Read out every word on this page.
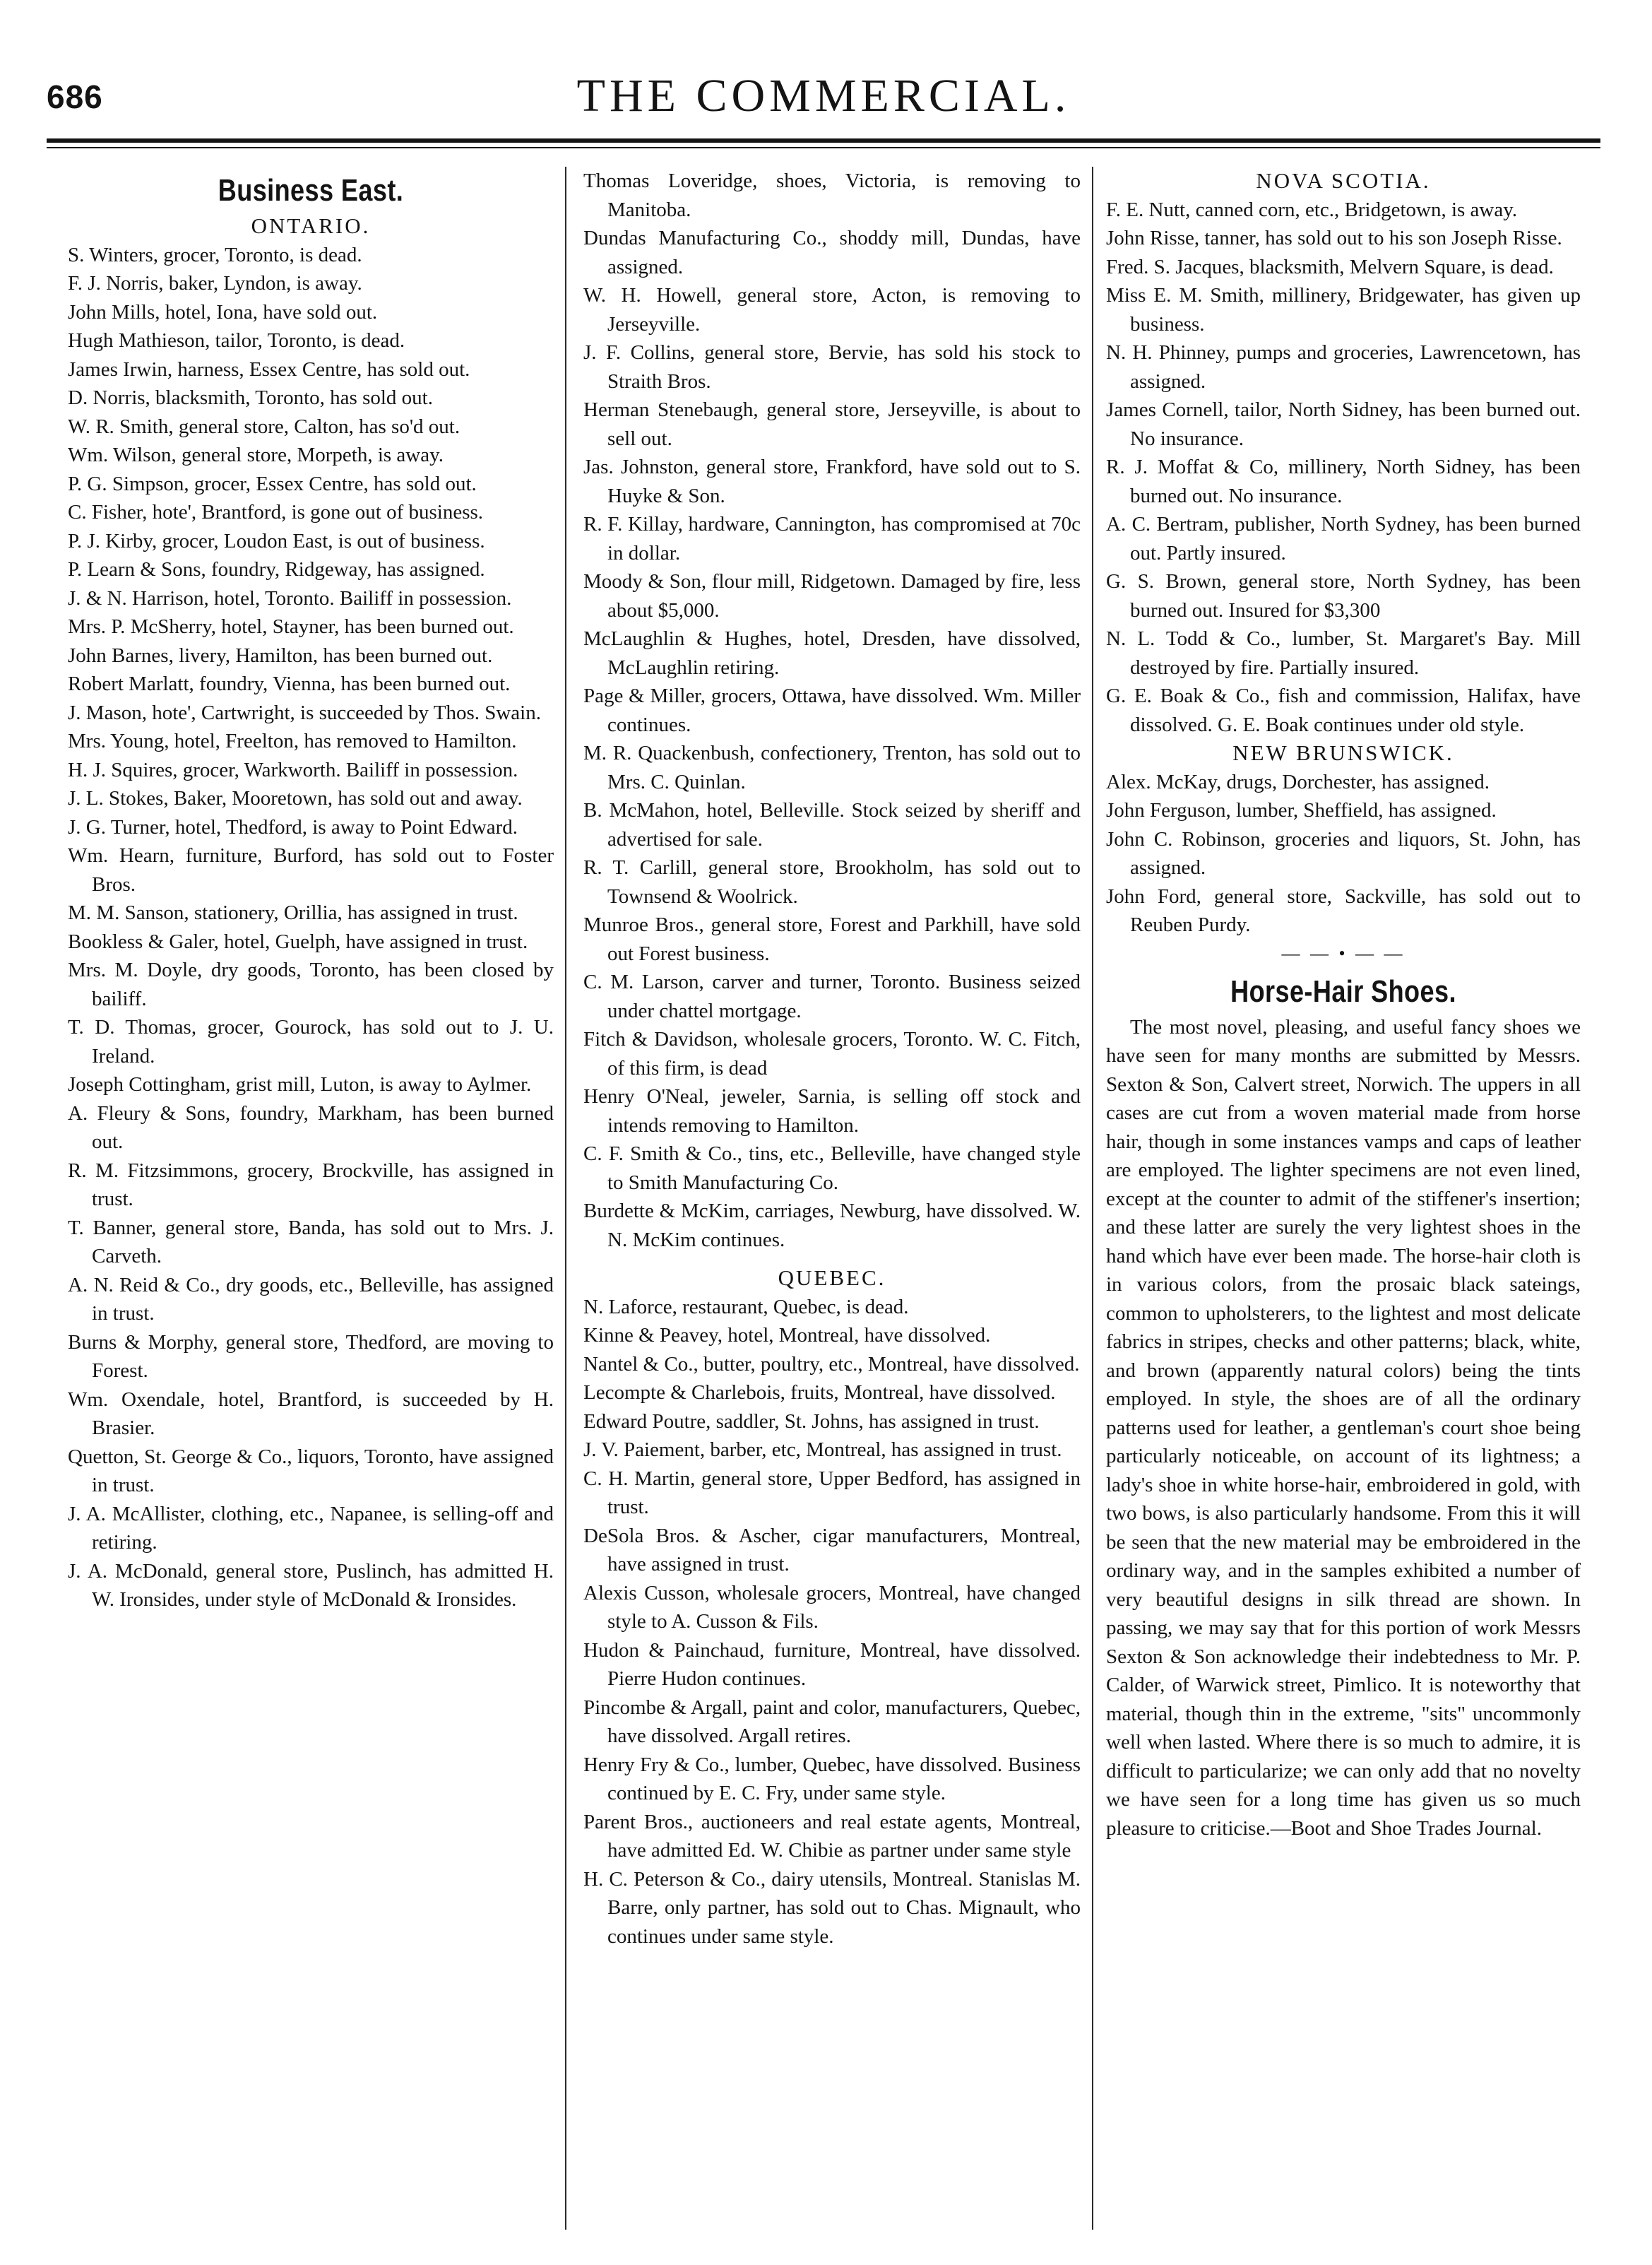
686	THE COMMERCIAL.
Business East.
ONTARIO.

S. Winters, grocer, Toronto, is dead.

F. J. Norris, baker, Lyndon, is away.

John Mills, hotel, Iona, have sold out.

Hugh Mathieson, tailor, Toronto, is dead.

James Irwin, harness, Essex Centre, has sold out.

D. Norris, blacksmith, Toronto, has sold out.

W. R. Smith, general store, Calton, has so'd out.

Wm. Wilson, general store, Morpeth, is away.

P. G. Simpson, grocer, Essex Centre, has sold out.

C. Fisher, hote', Brantford, is gone out of business.

P. J. Kirby, grocer, Loudon East, is out of business.

P. Learn & Sons, foundry, Ridgeway, has assigned.

J. & N. Harrison, hotel, Toronto. Bailiff in possession.

Mrs. P. McSherry, hotel, Stayner, has been burned out.

John Barnes, livery, Hamilton, has been burned out.

Robert Marlatt, foundry, Vienna, has been burned out.

J. Mason, hote', Cartwright, is succeeded by Thos. Swain.

Mrs. Young, hotel, Freelton, has removed to Hamilton.

H. J. Squires, grocer, Warkworth. Bailiff in possession.

J. L. Stokes, Baker, Mooretown, has sold out and away.

J. G. Turner, hotel, Thedford, is away to Point Edward.

Wm. Hearn, furniture, Burford, has sold out to Foster Bros.

M. M. Sanson, stationery, Orillia, has assigned in trust.

Bookless & Galer, hotel, Guelph, have assigned in trust.

Mrs. M. Doyle, dry goods, Toronto, has been closed by bailiff.

T. D. Thomas, grocer, Gourock, has sold out to J. U. Ireland.

Joseph Cottingham, grist mill, Luton, is away to Aylmer.

A. Fleury & Sons, foundry, Markham, has been burned out.

R. M. Fitzsimmons, grocery, Brockville, has assigned in trust.

T. Banner, general store, Banda, has sold out to Mrs. J. Carveth.

A. N. Reid & Co., dry goods, etc., Belleville, has assigned in trust.

Burns & Morphy, general store, Thedford, are moving to Forest.

Wm. Oxendale, hotel, Brantford, is succeeded by H. Brasier.

Quetton, St. George & Co., liquors, Toronto, have assigned in trust.

J. A. McAllister, clothing, etc., Napanee, is selling-off and retiring.

J. A. McDonald, general store, Puslinch, has admitted H. W. Ironsides, under style of McDonald & Ironsides.

Thomas Loveridge, shoes, Victoria, is removing to Manitoba.

Dundas Manufacturing Co., shoddy mill, Dundas, have assigned.

W. H. Howell, general store, Acton, is removing to Jerseyville.

J. F. Collins, general store, Bervie, has sold his stock to Straith Bros.

Herman Stenebaugh, general store, Jerseyville, is about to sell out.

Jas. Johnston, general store, Frankford, have sold out to S. Huyke & Son.

R. F. Killay, hardware, Cannington, has compromised at 70c in dollar.

Moody & Son, flour mill, Ridgetown. Damaged by fire, less about $5,000.

McLaughlin & Hughes, hotel, Dresden, have dissolved, McLaughlin retiring.

Page & Miller, grocers, Ottawa, have dissolved. Wm. Miller continues.

M. R. Quackenbush, confectionery, Trenton, has sold out to Mrs. C. Quinlan.

B. McMahon, hotel, Belleville. Stock seized by sheriff and advertised for sale.

R. T. Carlill, general store, Brookholm, has sold out to Townsend & Woolrick.

Munroe Bros., general store, Forest and Parkhill, have sold out Forest business.

C. M. Larson, carver and turner, Toronto. Business seized under chattel mortgage.

Fitch & Davidson, wholesale grocers, Toronto. W. C. Fitch, of this firm, is dead

Henry O'Neal, jeweler, Sarnia, is selling off stock and intends removing to Hamilton.

C. F. Smith & Co., tins, etc., Belleville, have changed style to Smith Manufacturing Co.

Burdette & McKim, carriages, Newburg, have dissolved. W. N. McKim continues.

QUEBEC.

N. Laforce, restaurant, Quebec, is dead.

Kinne & Peavey, hotel, Montreal, have dissolved.

Nantel & Co., butter, poultry, etc., Montreal, have dissolved.

Lecompte & Charlebois, fruits, Montreal, have dissolved.

Edward Poutre, saddler, St. Johns, has assigned in trust.

J. V. Paiement, barber, etc, Montreal, has assigned in trust.

C. H. Martin, general store, Upper Bedford, has assigned in trust.

DeSola Bros. & Ascher, cigar manufacturers, Montreal, have assigned in trust.

Alexis Cusson, wholesale grocers, Montreal, have changed style to A. Cusson & Fils.

Hudon & Painchaud, furniture, Montreal, have dissolved. Pierre Hudon continues.

Pincombe & Argall, paint and color, manufacturers, Quebec, have dissolved. Argall retires.

Henry Fry & Co., lumber, Quebec, have dissolved. Business continued by E. C. Fry, under same style.

Parent Bros., auctioneers and real estate agents, Montreal, have admitted Ed. W. Chibie as partner under same style

H. C. Peterson & Co., dairy utensils, Montreal. Stanislas M. Barre, only partner, has sold out to Chas. Mignault, who continues under same style.

NOVA SCOTIA.

F. E. Nutt, canned corn, etc., Bridgetown, is away.

John Risse, tanner, has sold out to his son Joseph Risse.

Fred. S. Jacques, blacksmith, Melvern Square, is dead.

Miss E. M. Smith, millinery, Bridgewater, has given up business.

N. H. Phinney, pumps and groceries, Lawrencetown, has assigned.

James Cornell, tailor, North Sidney, has been burned out. No insurance.

R. J. Moffat & Co, millinery, North Sidney, has been burned out. No insurance.

A. C. Bertram, publisher, North Sydney, has been burned out. Partly insured.

G. S. Brown, general store, North Sydney, has been burned out. Insured for $3,300

N. L. Todd & Co., lumber, St. Margaret's Bay. Mill destroyed by fire. Partially insured.

G. E. Boak & Co., fish and commission, Halifax, have dissolved. G. E. Boak continues under old style.

NEW BRUNSWICK.

Alex. McKay, drugs, Dorchester, has assigned.

John Ferguson, lumber, Sheffield, has assigned.

John C. Robinson, groceries and liquors, St. John, has assigned.

John Ford, general store, Sackville, has sold out to Reuben Purdy.

— — • — —
Horse-Hair Shoes.

The most novel, pleasing, and useful fancy shoes we have seen for many months are submitted by Messrs. Sexton & Son, Calvert street, Norwich. The uppers in all cases are cut from a woven material made from horse hair, though in some instances vamps and caps of leather are employed. The lighter specimens are not even lined, except at the counter to admit of the stiffener's insertion; and these latter are surely the very lightest shoes in the hand which have ever been made. The horse-hair cloth is in various colors, from the prosaic black sateings, common to upholsterers, to the lightest and most delicate fabrics in stripes, checks and other patterns; black, white, and brown (apparently natural colors) being the tints employed. In style, the shoes are of all the ordinary patterns used for leather, a gentleman's court shoe being particularly noticeable, on account of its lightness; a lady's shoe in white horse-hair, embroidered in gold, with two bows, is also particularly handsome. From this it will be seen that the new material may be embroidered in the ordinary way, and in the samples exhibited a number of very beautiful designs in silk thread are shown. In passing, we may say that for this portion of work Messrs Sexton & Son acknowledge their indebtedness to Mr. P. Calder, of Warwick street, Pimlico. It is noteworthy that material, though thin in the extreme, "sits" uncommonly well when lasted. Where there is so much to admire, it is difficult to particularize; we can only add that no novelty we have seen for a long time has given us so much pleasure to criticise.—Boot and Shoe Trades Journal.
